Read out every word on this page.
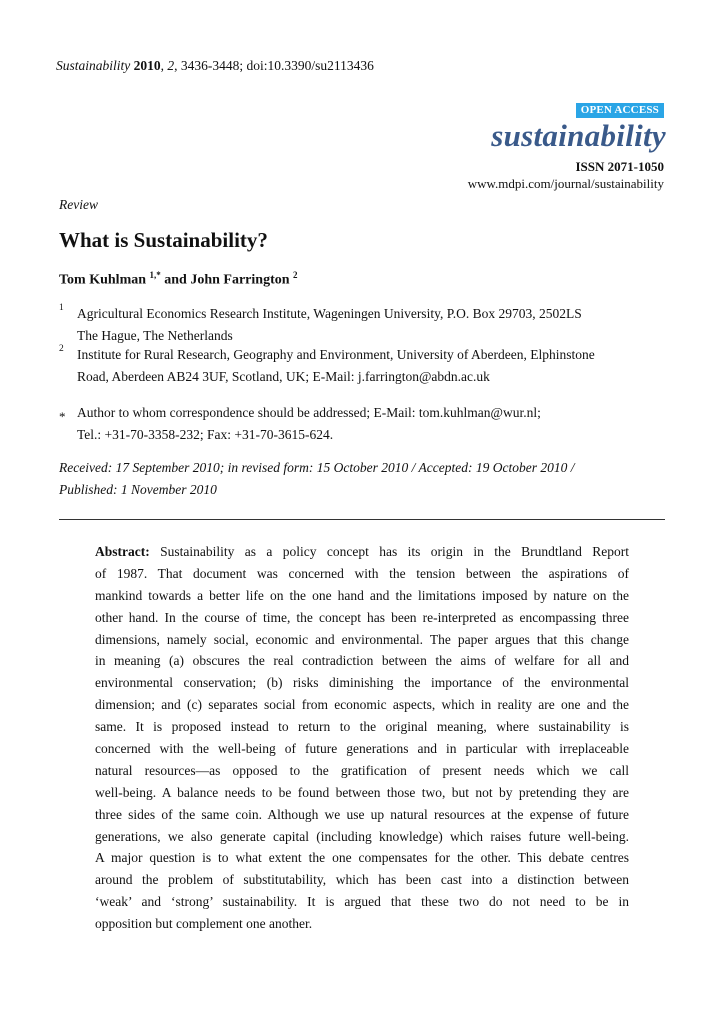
Sustainability 2010, 2, 3436-3448; doi:10.3390/su2113436
OPEN ACCESS
sustainability
ISSN 2071-1050
www.mdpi.com/journal/sustainability
Review
What is Sustainability?
Tom Kuhlman $^{1,*}$ and John Farrington $^2$
1 Agricultural Economics Research Institute, Wageningen University, P.O. Box 29703, 2502LS
The Hague, The Netherlands
2 Institute for Rural Research, Geography and Environment, University of Aberdeen, Elphinstone
Road, Aberdeen AB24 3UF, Scotland, UK; E-Mail: j.farrington@abdn.ac.uk
* Author to whom correspondence should be addressed; E-Mail: tom.kuhlman@wur.nl;
Tel.: +31-70-3358-232; Fax: +31-70-3615-624.
Received: 17 September 2010; in revised form: 15 October 2010 / Accepted: 19 October 2010 /
Published: 1 November 2010
Abstract: Sustainability as a policy concept has its origin in the Brundtland Report
of 1987. That document was concerned with the tension between the aspirations of
mankind towards a better life on the one hand and the limitations imposed by nature on the
other hand. In the course of time, the concept has been re-interpreted as encompassing three
dimensions, namely social, economic and environmental. The paper argues that this change
in meaning (a) obscures the real contradiction between the aims of welfare for all and
environmental conservation; (b) risks diminishing the importance of the environmental
dimension; and (c) separates social from economic aspects, which in reality are one and the
same. It is proposed instead to return to the original meaning, where sustainability is
concerned with the well-being of future generations and in particular with irreplaceable
natural resources—as opposed to the gratification of present needs which we call
well-being. A balance needs to be found between those two, but not by pretending they are
three sides of the same coin. Although we use up natural resources at the expense of future
generations, we also generate capital (including knowledge) which raises future well-being.
A major question is to what extent the one compensates for the other. This debate centres
around the problem of substitutability, which has been cast into a distinction between
‘weak’ and ‘strong’ sustainability. It is argued that these two do not need to be in
opposition but complement one another.
